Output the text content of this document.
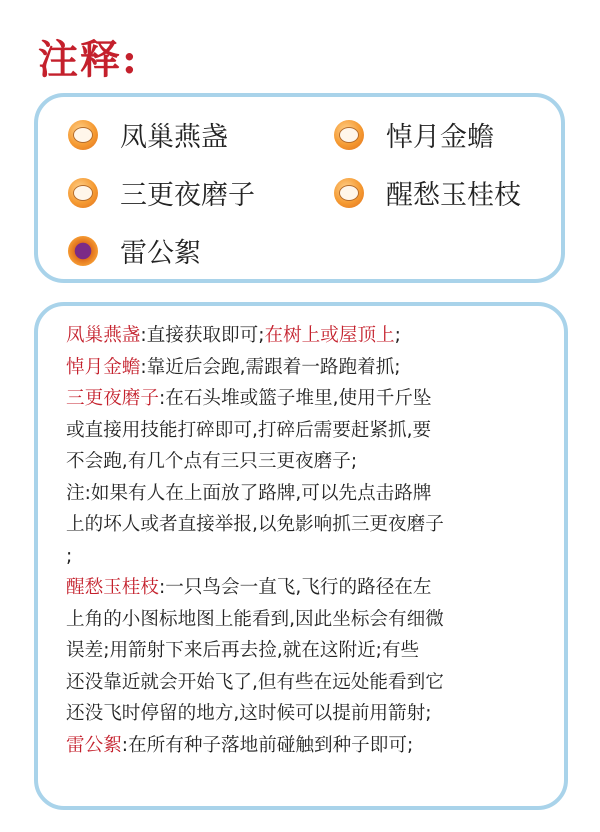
注释:
凤巢燕盏	悼月金蟾
三更夜磨子	醒愁玉桂枝
雷公絮
凤巢燕盏:直接获取即可;在树上或屋顶上;
悼月金蟾:靠近后会跑,需跟着一路跑着抓;
三更夜磨子:在石头堆或篮子堆里,使用千斤坠
或直接用技能打碎即可,打碎后需要赶紧抓,要
不会跑,有几个点有三只三更夜磨子;
注:如果有人在上面放了路牌,可以先点击路牌
上的坏人或者直接举报,以免影响抓三更夜磨子
;
醒愁玉桂枝:一只鸟会一直飞,飞行的路径在左
上角的小图标地图上能看到,因此坐标会有细微
误差;用箭射下来后再去捡,就在这附近;有些
还没靠近就会开始飞了,但有些在远处能看到它
还没飞时停留的地方,这时候可以提前用箭射;
雷公絮:在所有种子落地前碰触到种子即可;
